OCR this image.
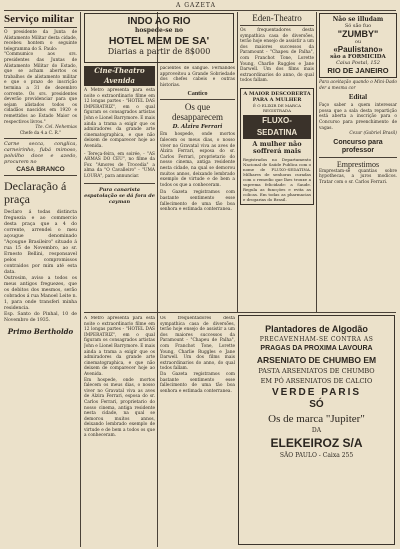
A GAZETA
Serviço militar

O presidente da Junta de Alistamento Militar desta cidade, recebeu hontem o seguinte telegramma do S. Paulo:

"Commumico aos srs. presidentes das Juntas de Alistamento Militar do Estado, que se acham abertos os trabalhos de alistamento militar e que o prazo de inscrição termina a 31 de dezembro corrente. Os srs. presidentes deverão providenciar para que sejam alistados todos os cidadãos nascidos em 1920 e remettidos ao Estado Maior os respectivos livros."

Tte. Cel. Nehemias

Chefe da 4.a C. R."

Carne secca, conglica, carneirinho, fubá mimoso, polvilho doce e azedo, procurem no

CASA BRANCO
Declaração á praça

Declaro á todas distincta freguezia e ao commercio desta praça que a 4 do corrente, arrendei o meu açougue denominado "Açougue Brasileiro" situado á rua 15 de Novembro, ao sr. Ernesto Bellini, responsavel pelos compromissos contraidos por mim até esta data.

Outrosim, aviso a todos os meus antigos freguezes, que os debitos dos mesmos, serão cobrados á rua Manoel Leite n. 1, para onde transferi minha residencia.

Esp. Santo do Pinhal, 10 de Novembro de 1935.

Primo Bertholdo
INDO AO RIO
hospede-se no
HOTEL MEM DE SA'
Diarias a partir de 8$000
Cine-Theatro Avenida

A Metro apresenta para esta noite o extraordinario filme em 12 longas partes - "HOTEL DAS IMPERATRIZ", em o qual figuram os consagrados artistas John e Lionel Barrymore. E mais ainda a trama a exigir que os admiradores da grande arte cinematographica, e que não deixem de comparecer hoje ao Avenida.

- Tereça-feira, em soirée, - "AS ARMAS DO CEU", no filme da Fox "Amores de Trocedia" a alma da "O Cavalleiro" - "UMA LOURA", para annunciar.

Pura canarista espatolação se dá fora de cayman

pacientes de sangue. Fernandes approveitou a Grande Sobriedade dos chefes cabeis e outras historias.

Cantico
Os que desapparecem
D. Alzira Ferrari

Em hospede, onde mortos falecem os meus dias, o nosso viver no Gravatal viva as aves de Alzira Ferrari, esposa do sr. Carlos Ferrari, proprietario do nosso cinema, antiga residente nesta cidade, na qual se demorou muitos annos, deixando lembrado exemplo de virtude e de bem a todos os que a conheceram.

Da Gazeta registramos com bastante sentimento esse fallecimento de uma tão boa senhora e estimada conterranea.

Eden-Theatro

Os frequentadores desta sympathica casa de diversões, terão hoje ensejo de assistir a um dos maiores successos da Paramount - "Chapeu de Palha", com Franchot Tone, Lorette Young, Charlie Ruggles e Jane Darwell. Um dos films mais extraordinarios do anno, do qual todos fallam.

A MAIOR DESCOBERTA PARA A MULHER
É O ELIXIR DE MARCA REGISTRADA
FLUXO-SEDATINA
A mulher não soffrerá mais

Registrados no Departamento Nacional de Saúde Publica com o nome de FLUXO-SEDATINA. Milhares de senhoras curadas com o remedio que lhes trouxe a suprema felicidade: a Saude. Regula as funcções e evita as colicas. Em todas as pharmacias e drogarias do Brasil.

Não se illudam
Só são fuo
"ZUMBY"
ou
«Paulistano»
são a FORMICIDA
Caixa Postal, 152
RIO DE JANEIRO

Para aceitação quando o Mini-Dado der a mesma cor

Edital

Faço saber a quem interessar possa que a sala desta repartição está aberta a inscrição para o Concurso para preenchimento de vagas.

Cezar (Gabriel Brasil)

Concurso para professor
Emprestimos

Emprestam-se quantias sobre hypothecas, a juros modicos. Tratar com o sr. Carlos Ferrari.

Plantadores de Algodão
PRECAVENHAM-SE CONTRA AS
PRAGAS DA PROXIMA LAVOURA
ARSENIATO DE CHUMBO EM
PASTA ARSENIATOS DE CHUMBO
EM PÓ ARSENIATOS DE CALCIO
VERDE PARIS
SÓ
Os de marca "Jupiter"
DA
ELEKEIROZ S/A
SÃO PAULO - Caixa 255

A Metro apresenta para esta noite o extraordinario filme em 12 longas partes - "HOTEL DAS IMPERATRIZ", em o qual figuram os consagrados artistas John e Lionel Barrymore. E mais ainda a trama a exigir que os admiradores da grande arte cinematographica, e que não deixem de comparecer hoje ao Avenida.

Em hospede, onde mortos falecem os meus dias, o nosso viver no Gravatal viva as aves de Alzira Ferrari, esposa do sr. Carlos Ferrari, proprietario do nosso cinema, antiga residente nesta cidade, na qual se demorou muitos annos, deixando lembrado exemplo de virtude e de bem a todos os que a conheceram.

Os frequentadores desta sympathica casa de diversões, terão hoje ensejo de assistir a um dos maiores successos da Paramount - "Chapeu de Palha", com Franchot Tone, Lorette Young, Charlie Ruggles e Jane Darwell. Um dos films mais extraordinarios do anno, do qual todos fallam.

Da Gazeta registramos com bastante sentimento esse fallecimento de uma tão boa senhora e estimada conterranea.
